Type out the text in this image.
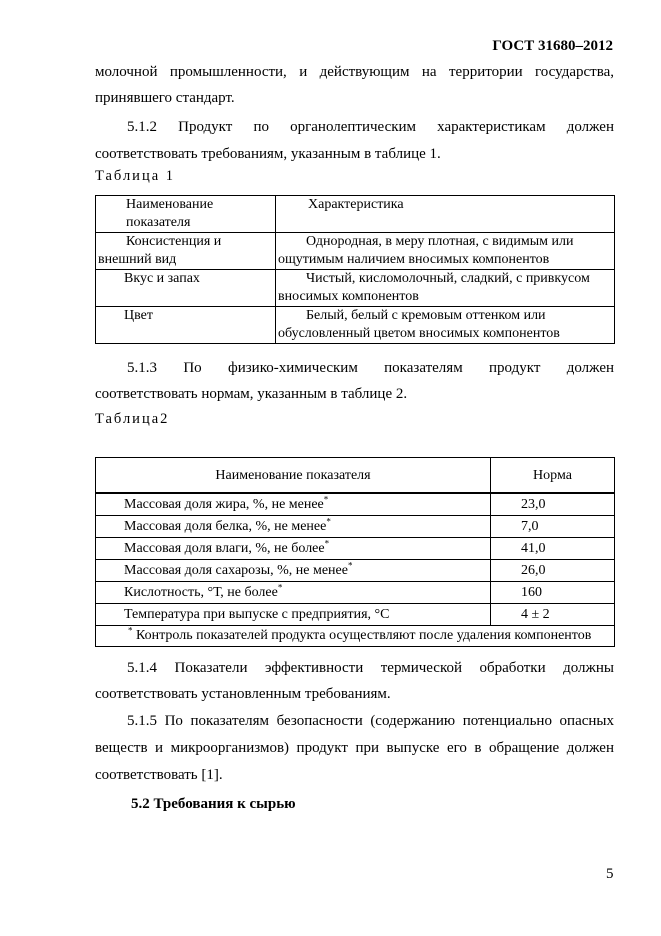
ГОСТ 31680–2012
молочной промышленности, и действующим на территории государства,
принявшего стандарт.
5.1.2 Продукт по органолептическим характеристикам должен
соответствовать требованиям, указанным в таблице 1.
Таблица 1
Наименование показателя	Характеристика
Консистенция и внешний вид	Однородная, в меру плотная, с видимым или ощутимым наличием вносимых компонентов
Вкус и запах	Чистый, кисломолочный, сладкий, с привкусом вносимых компонентов
Цвет	Белый, белый с кремовым оттенком или обусловленный цветом вносимых компонентов
5.1.3 По физико-химическим показателям продукт должен
соответствовать нормам, указанным в таблице 2.
Таблица2
Наименование показателя	Норма
Массовая доля жира, %, не менее*	23,0
Массовая доля белка, %, не менее*	7,0
Массовая доля влаги, %, не более*	41,0
Массовая доля сахарозы, %, не менее*	26,0
Кислотность, °Т, не более*	160
Температура при выпуске с предприятия, °С	4 ± 2
* Контроль показателей продукта осуществляют после удаления компонентов	
5.1.4 Показатели эффективности термической обработки должны
соответствовать установленным требованиям.
5.1.5 По показателям безопасности (содержанию потенциально опасных
веществ и микроорганизмов) продукт при выпуске его в обращение должен
соответствовать [1].
5.2 Требования к сырью
5
